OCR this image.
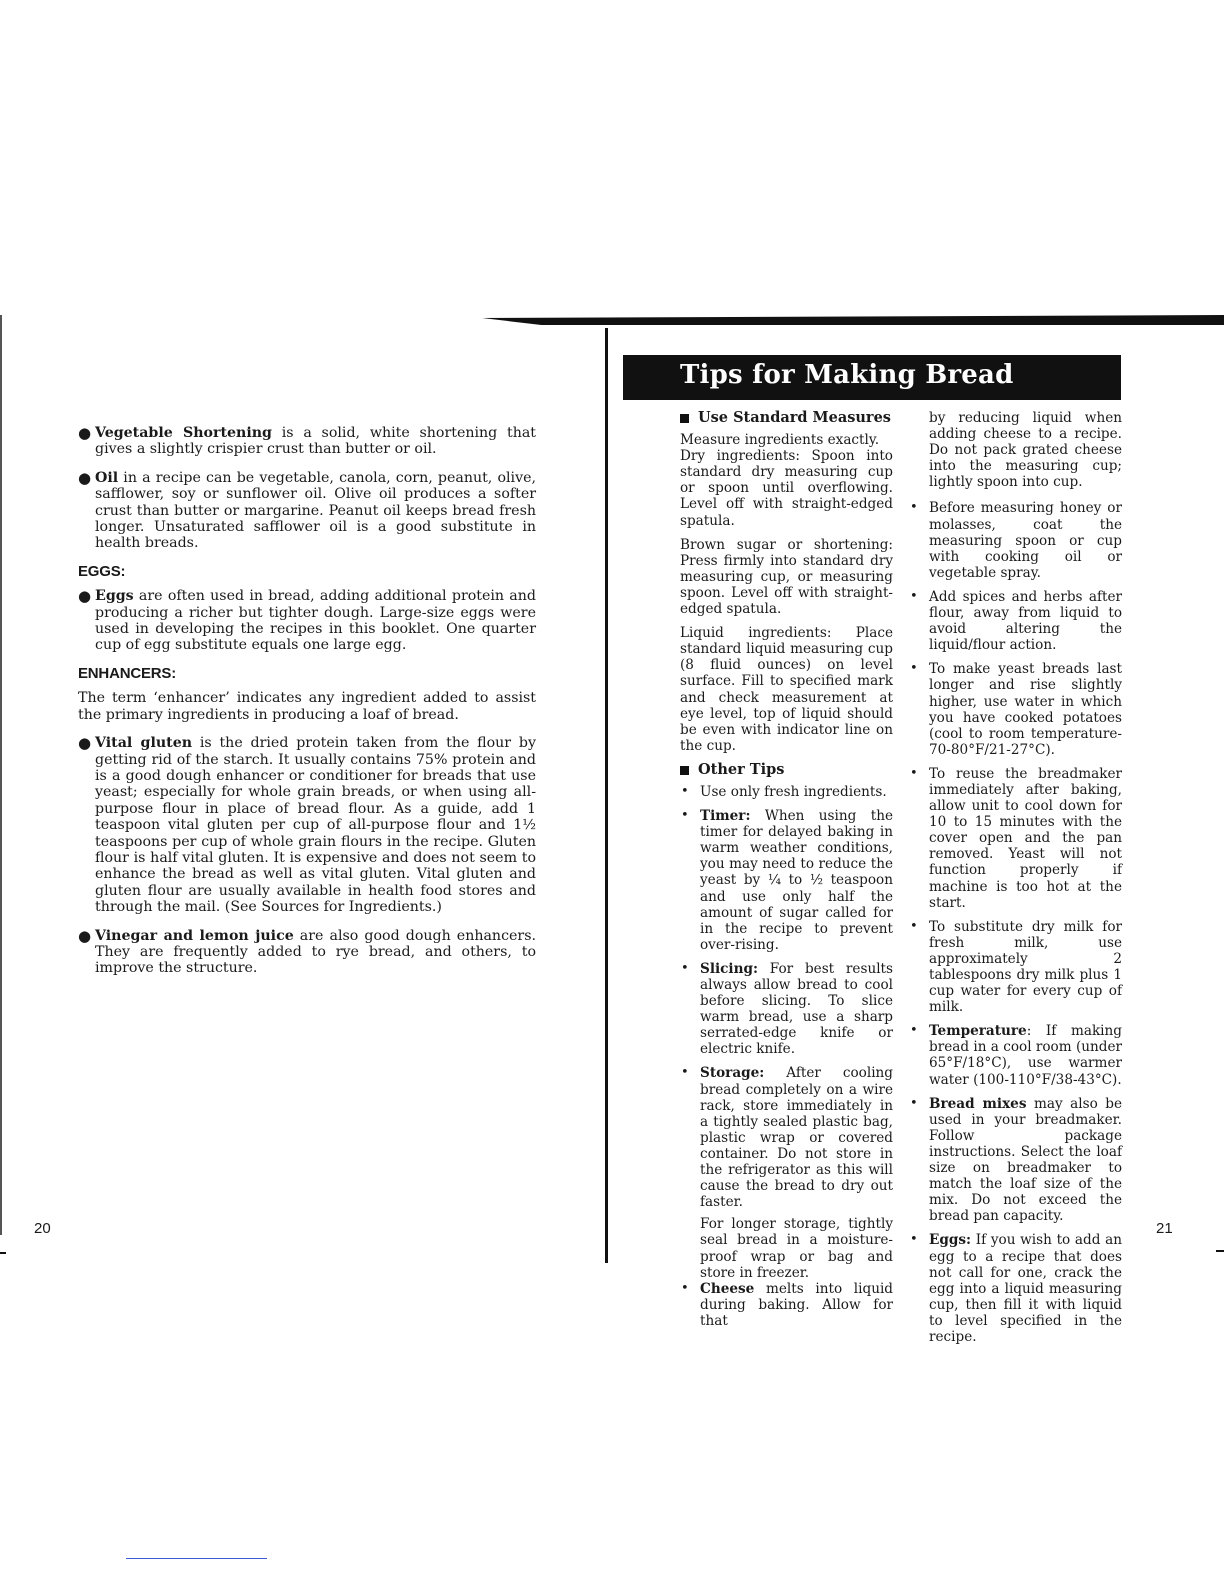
● Vegetable Shortening is a solid, white shortening that gives a slightly crispier crust than butter or oil.
● Oil in a recipe can be vegetable, canola, corn, peanut, olive, safflower, soy or sunflower oil. Olive oil produces a softer crust than butter or margarine. Peanut oil keeps bread fresh longer. Unsaturated safflower oil is a good substitute in health breads.
EGGS:
● Eggs are often used in bread, adding additional protein and producing a richer but tighter dough. Large-size eggs were used in developing the recipes in this booklet. One quarter cup of egg substitute equals one large egg.
ENHANCERS:

The term ‘enhancer’ indicates any ingredient added to assist the primary ingredients in producing a loaf of bread.

● Vital gluten is the dried protein taken from the flour by getting rid of the starch. It usually contains 75% protein and is a good dough enhancer or conditioner for breads that use yeast; especially for whole grain breads, or when using all-purpose flour in place of bread flour. As a guide, add 1 teaspoon vital gluten per cup of all-purpose flour and 1½ teaspoons per cup of whole grain flours in the recipe. Gluten flour is half vital gluten. It is expensive and does not seem to enhance the bread as well as vital gluten. Vital gluten and gluten flour are usually available in health food stores and through the mail. (See Sources for Ingredients.)
● Vinegar and lemon juice are also good dough enhancers. They are frequently added to rye bread, and others, to improve the structure.
20
Tips for Making Bread
Use Standard Measures

Measure ingredients exactly.

Dry ingredients: Spoon into standard dry measuring cup or spoon until overflowing. Level off with straight-edged spatula.

Brown sugar or shortening: Press firmly into standard dry measuring cup, or measuring spoon. Level off with straight-edged spatula.

Liquid ingredients: Place standard liquid measuring cup (8 fluid ounces) on level surface. Fill to specified mark and check measurement at eye level, top of liquid should be even with indicator line on the cup.

Other Tips
• Use only fresh ingredients.
• Timer: When using the timer for delayed baking in warm weather conditions, you may need to reduce the yeast by ¼ to ½ teaspoon and use only half the amount of sugar called for in the recipe to prevent over-rising.
• Slicing: For best results always allow bread to cool before slicing. To slice warm bread, use a sharp serrated-edge knife or electric knife.
• Storage: After cooling bread completely on a wire rack, store immediately in a tightly sealed plastic bag, plastic wrap or covered container. Do not store in the refrigerator as this will cause the bread to dry out faster.

For longer storage, tightly seal bread in a moisture-proof wrap or bag and store in freezer.

• Cheese melts into liquid during baking. Allow for that

by reducing liquid when adding cheese to a recipe. Do not pack grated cheese into the measuring cup; lightly spoon into cup.

• Before measuring honey or molasses, coat the measuring spoon or cup with cooking oil or vegetable spray.
• Add spices and herbs after flour, away from liquid to avoid altering the liquid/flour action.
• To make yeast breads last longer and rise slightly higher, use water in which you have cooked potatoes (cool to room temperature-70-80°F/21-27°C).
• To reuse the breadmaker immediately after baking, allow unit to cool down for 10 to 15 minutes with the cover open and the pan removed. Yeast will not function properly if machine is too hot at the start.
• To substitute dry milk for fresh milk, use approximately 2 tablespoons dry milk plus 1 cup water for every cup of milk.
• Temperature: If making bread in a cool room (under 65°F/18°C), use warmer water (100-110°F/38-43°C).
• Bread mixes may also be used in your breadmaker. Follow package instructions. Select the loaf size on breadmaker to match the loaf size of the mix. Do not exceed the bread pan capacity.
• Eggs: If you wish to add an egg to a recipe that does not call for one, crack the egg into a liquid measuring cup, then fill it with liquid to level specified in the recipe.
21
